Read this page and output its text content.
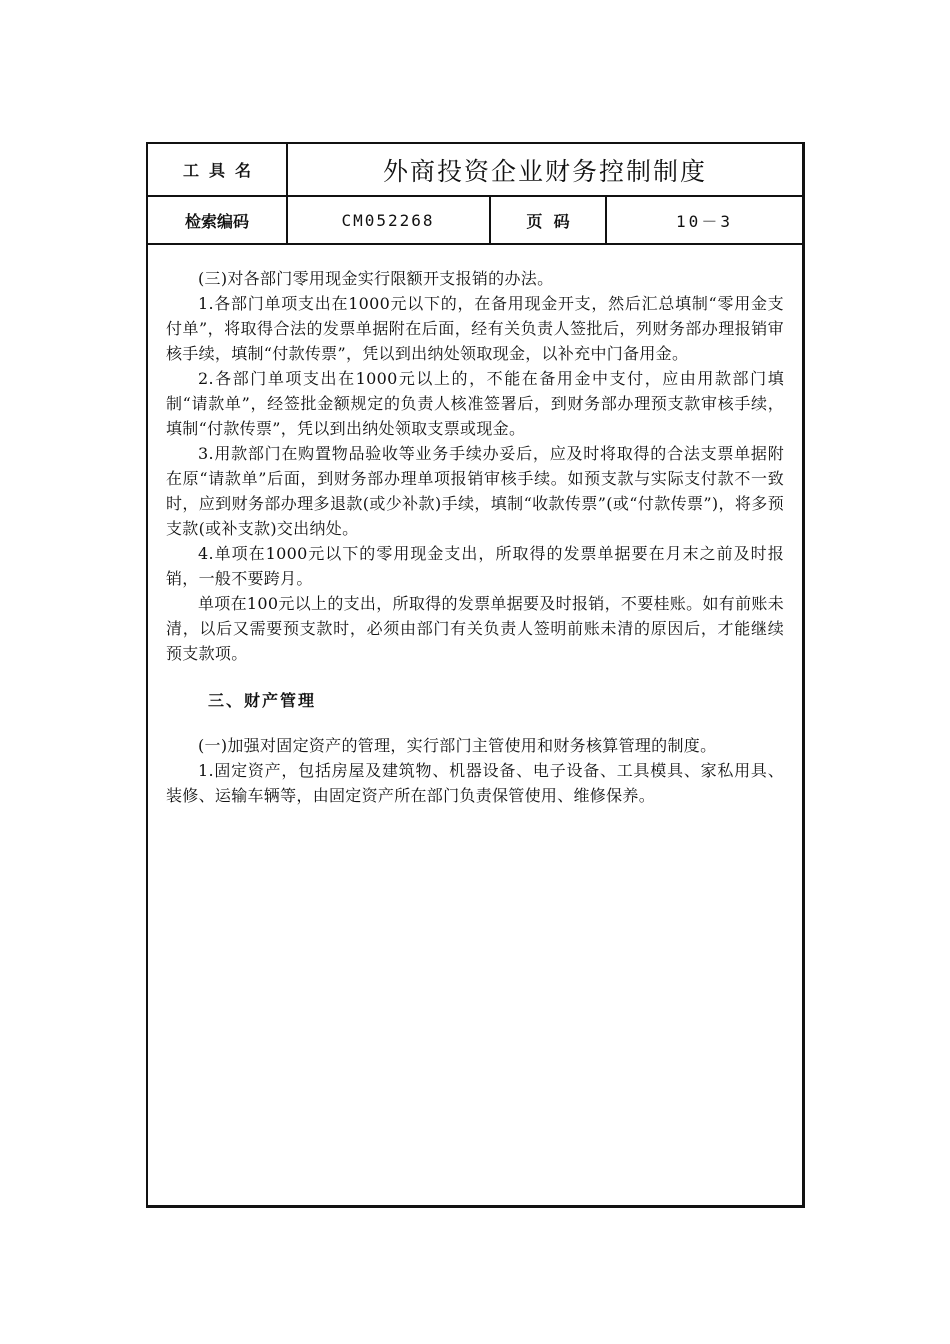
工具名	外商投资企业财务控制制度
检索编码	CM052268	页  码	10－3

(三)对各部门零用现金实行限额开支报销的办法。

1.各部门单项支出在1000元以下的，在备用现金开支，然后汇总填制“零用金支付单”，将取得合法的发票单据附在后面，经有关负责人签批后，列财务部办理报销审核手续，填制“付款传票”，凭以到出纳处领取现金，以补充中门备用金。

2.各部门单项支出在1000元以上的，不能在备用金中支付，应由用款部门填制“请款单”，经签批金额规定的负责人核准签署后，到财务部办理预支款审核手续，填制“付款传票”，凭以到出纳处领取支票或现金。

3.用款部门在购置物品验收等业务手续办妥后，应及时将取得的合法支票单据附在原“请款单”后面，到财务部办理单项报销审核手续。如预支款与实际支付款不一致时，应到财务部办理多退款(或少补款)手续，填制“收款传票”(或“付款传票”)，将多预支款(或补支款)交出纳处。

4.单项在1000元以下的零用现金支出，所取得的发票单据要在月末之前及时报销，一般不要跨月。

单项在100元以上的支出，所取得的发票单据要及时报销，不要桂账。如有前账未清，以后又需要预支款时，必须由部门有关负责人签明前账未清的原因后，才能继续预支款项。

三、财产管理

(一)加强对固定资产的管理，实行部门主管使用和财务核算管理的制度。

1.固定资产，包括房屋及建筑物、机器设备、电子设备、工具模具、家私用具、装修、运输车辆等，由固定资产所在部门负责保管使用、维修保养。
